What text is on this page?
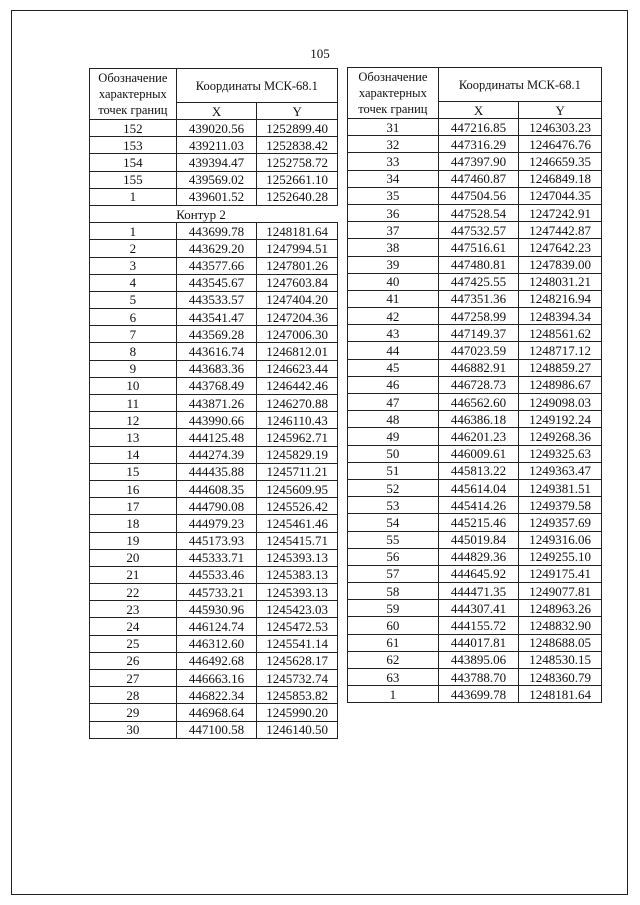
105
Обозначение характерных точек границ	Координаты МСК-68.1	
	X	Y
152	439020.56	1252899.40
153	439211.03	1252838.42
154	439394.47	1252758.72
155	439569.02	1252661.10
1	439601.52	1252640.28
	Контур 2	
1	443699.78	1248181.64
2	443629.20	1247994.51
3	443577.66	1247801.26
4	443545.67	1247603.84
5	443533.57	1247404.20
6	443541.47	1247204.36
7	443569.28	1247006.30
8	443616.74	1246812.01
9	443683.36	1246623.44
10	443768.49	1246442.46
11	443871.26	1246270.88
12	443990.66	1246110.43
13	444125.48	1245962.71
14	444274.39	1245829.19
15	444435.88	1245711.21
16	444608.35	1245609.95
17	444790.08	1245526.42
18	444979.23	1245461.46
19	445173.93	1245415.71
20	445333.71	1245393.13
21	445533.46	1245383.13
22	445733.21	1245393.13
23	445930.96	1245423.03
24	446124.74	1245472.53
25	446312.60	1245541.14
26	446492.68	1245628.17
27	446663.16	1245732.74
28	446822.34	1245853.82
29	446968.64	1245990.20
30	447100.58	1246140.50
Обозначение характерных точек границ	Координаты МСК-68.1	
	X	Y
31	447216.85	1246303.23
32	447316.29	1246476.76
33	447397.90	1246659.35
34	447460.87	1246849.18
35	447504.56	1247044.35
36	447528.54	1247242.91
37	447532.57	1247442.87
38	447516.61	1247642.23
39	447480.81	1247839.00
40	447425.55	1248031.21
41	447351.36	1248216.94
42	447258.99	1248394.34
43	447149.37	1248561.62
44	447023.59	1248717.12
45	446882.91	1248859.27
46	446728.73	1248986.67
47	446562.60	1249098.03
48	446386.18	1249192.24
49	446201.23	1249268.36
50	446009.61	1249325.63
51	445813.22	1249363.47
52	445614.04	1249381.51
53	445414.26	1249379.58
54	445215.46	1249357.69
55	445019.84	1249316.06
56	444829.36	1249255.10
57	444645.92	1249175.41
58	444471.35	1249077.81
59	444307.41	1248963.26
60	444155.72	1248832.90
61	444017.81	1248688.05
62	443895.06	1248530.15
63	443788.70	1248360.79
1	443699.78	1248181.64
